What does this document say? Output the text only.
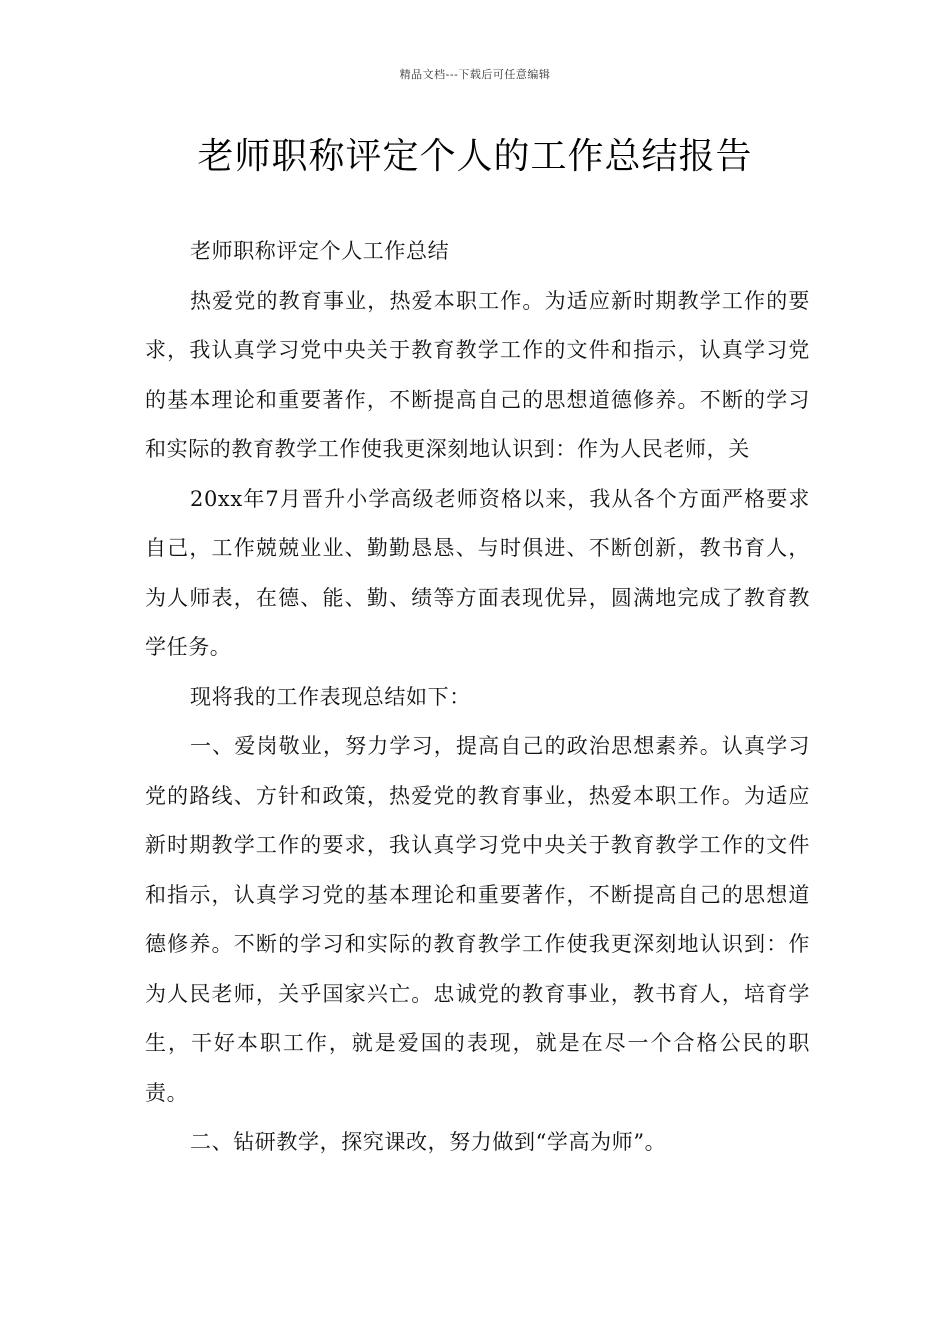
精品文档---下载后可任意编辑
老师职称评定个人的工作总结报告

老师职称评定个人工作总结

热爱党的教育事业，热爱本职工作。为适应新时期教学工作的要求，我认真学习党中央关于教育教学工作的文件和指示，认真学习党的基本理论和重要著作，不断提高自己的思想道德修养。不断的学习和实际的教育教学工作使我更深刻地认识到：作为人民老师，关

20xx年7月晋升小学高级老师资格以来，我从各个方面严格要求自己，工作兢兢业业、勤勤恳恳、与时俱进、不断创新，教书育人，为人师表，在德、能、勤、绩等方面表现优异，圆满地完成了教育教学任务。

现将我的工作表现总结如下：

一、爱岗敬业，努力学习，提高自己的政治思想素养。认真学习党的路线、方针和政策，热爱党的教育事业，热爱本职工作。为适应新时期教学工作的要求，我认真学习党中央关于教育教学工作的文件和指示，认真学习党的基本理论和重要著作，不断提高自己的思想道德修养。不断的学习和实际的教育教学工作使我更深刻地认识到：作为人民老师，关乎国家兴亡。忠诚党的教育事业，教书育人，培育学生，干好本职工作，就是爱国的表现，就是在尽一个合格公民的职责。

二、钻研教学，探究课改，努力做到“学高为师”。
